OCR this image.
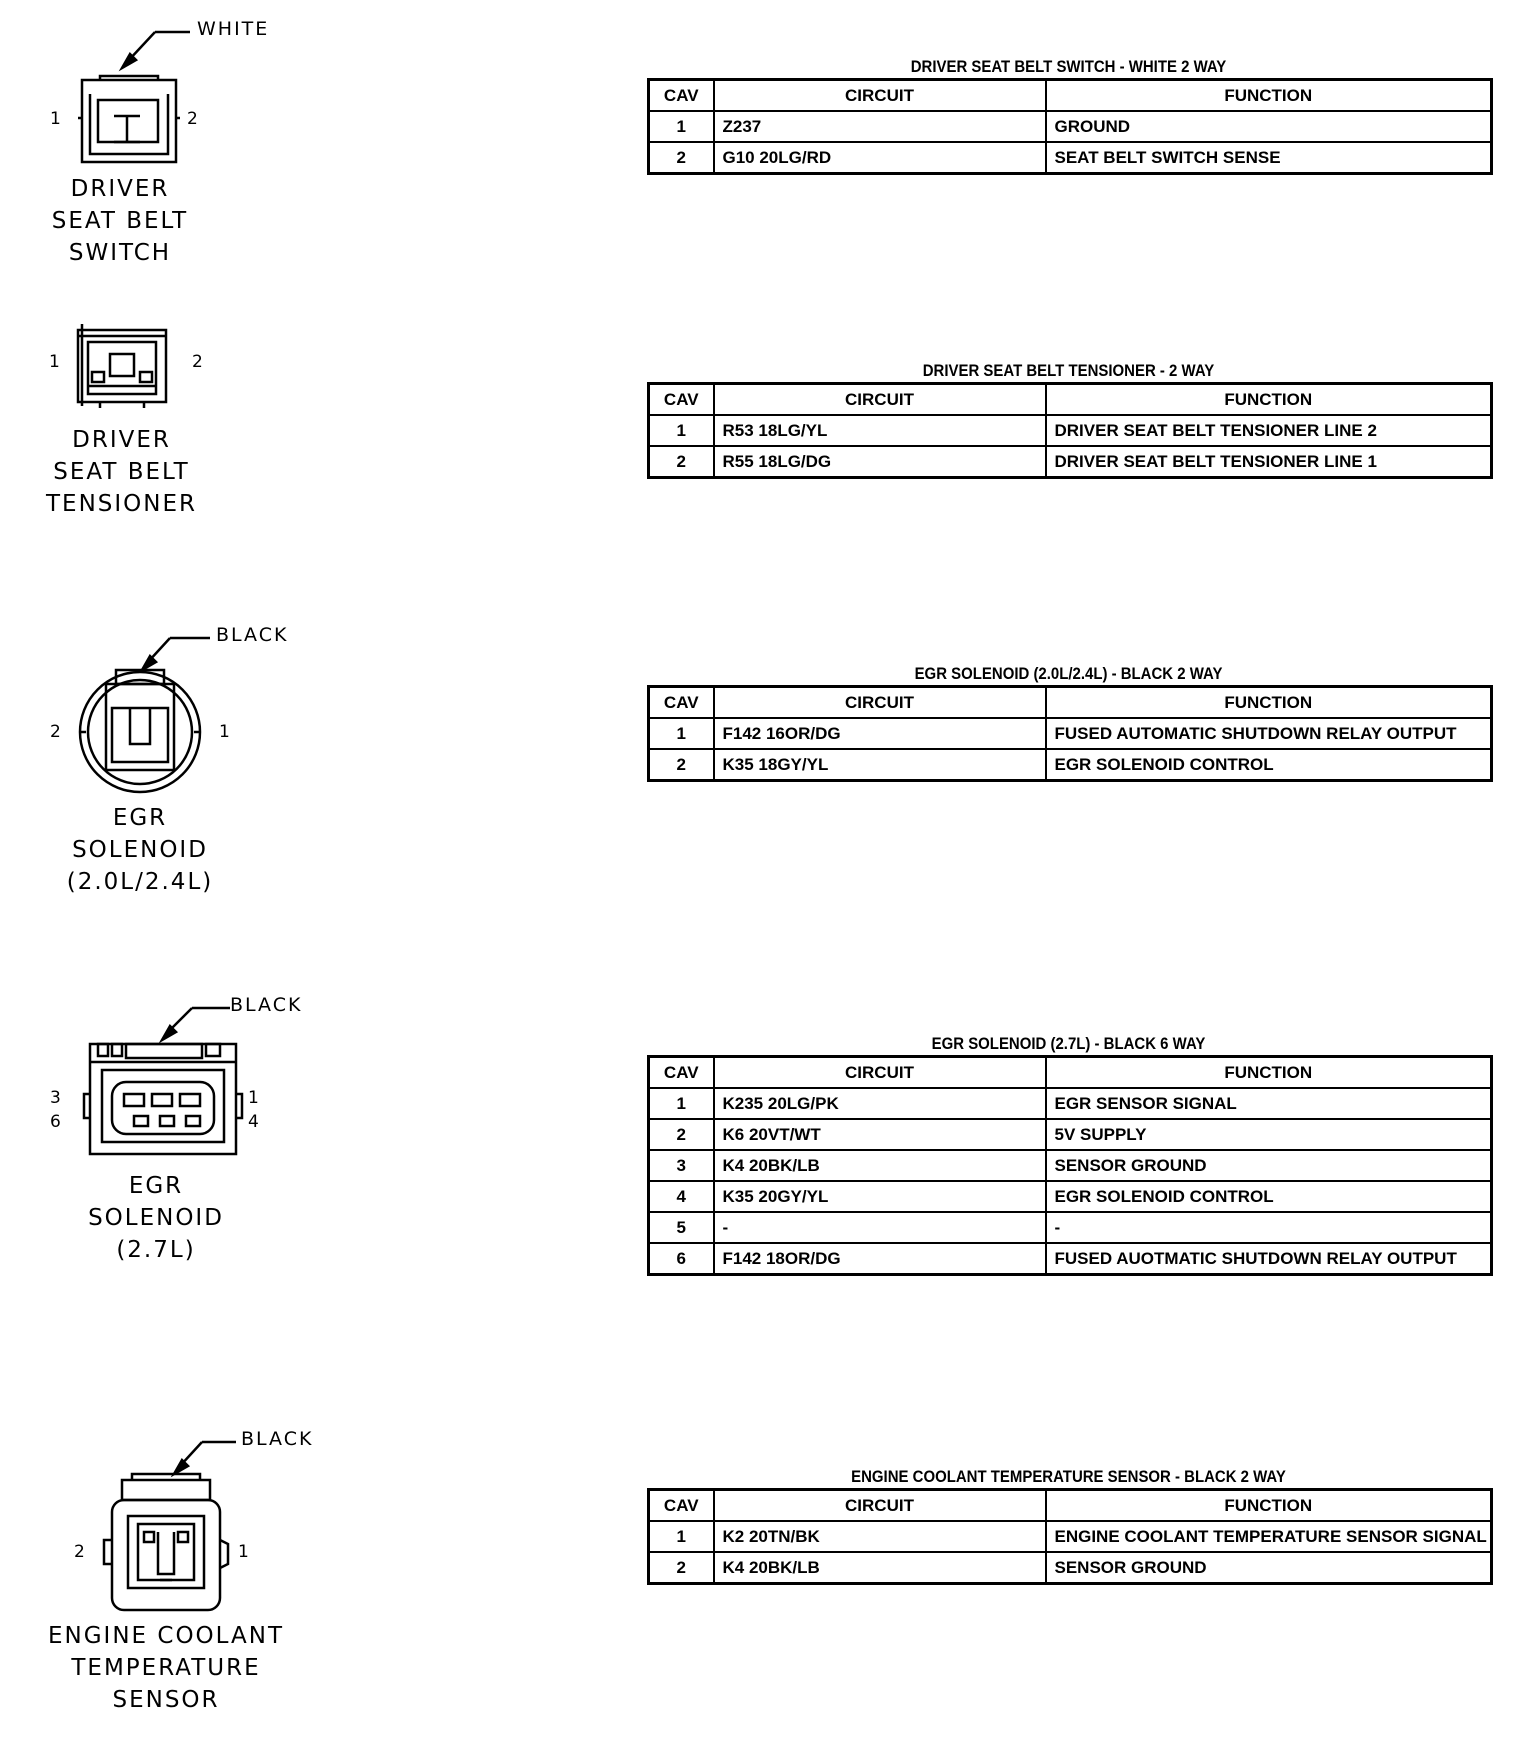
WHITE
1	2
DRIVER
SEAT BELT
SWITCH
DRIVER SEAT BELT SWITCH - WHITE 2 WAY
CAV	CIRCUIT	FUNCTION
1	Z237	GROUND
2	G10 20LG/RD	SEAT BELT SWITCH SENSE
1	2
DRIVER
SEAT BELT
TENSIONER
DRIVER SEAT BELT TENSIONER - 2 WAY
CAV	CIRCUIT	FUNCTION
1	R53 18LG/YL	DRIVER SEAT BELT TENSIONER LINE 2
2	R55 18LG/DG	DRIVER SEAT BELT TENSIONER LINE 1
BLACK
2	1
EGR
SOLENOID
(2.0L/2.4L)
EGR SOLENOID (2.0L/2.4L) - BLACK 2 WAY
CAV	CIRCUIT	FUNCTION
1	F142 16OR/DG	FUSED AUTOMATIC SHUTDOWN RELAY OUTPUT
2	K35 18GY/YL	EGR SOLENOID CONTROL
BLACK
3
6
1
4
EGR
SOLENOID
(2.7L)
EGR SOLENOID (2.7L) - BLACK 6 WAY
CAV	CIRCUIT	FUNCTION
1	K235 20LG/PK	EGR SENSOR SIGNAL
2	K6 20VT/WT	5V SUPPLY
3	K4 20BK/LB	SENSOR GROUND
4	K35 20GY/YL	EGR SOLENOID CONTROL
5	-	-
6	F142 18OR/DG	FUSED AUOTMATIC SHUTDOWN RELAY OUTPUT
BLACK
2	1
ENGINE COOLANT
TEMPERATURE
SENSOR
ENGINE COOLANT TEMPERATURE SENSOR - BLACK 2 WAY
CAV	CIRCUIT	FUNCTION
1	K2 20TN/BK	ENGINE COOLANT TEMPERATURE SENSOR SIGNAL
2	K4 20BK/LB	SENSOR GROUND
